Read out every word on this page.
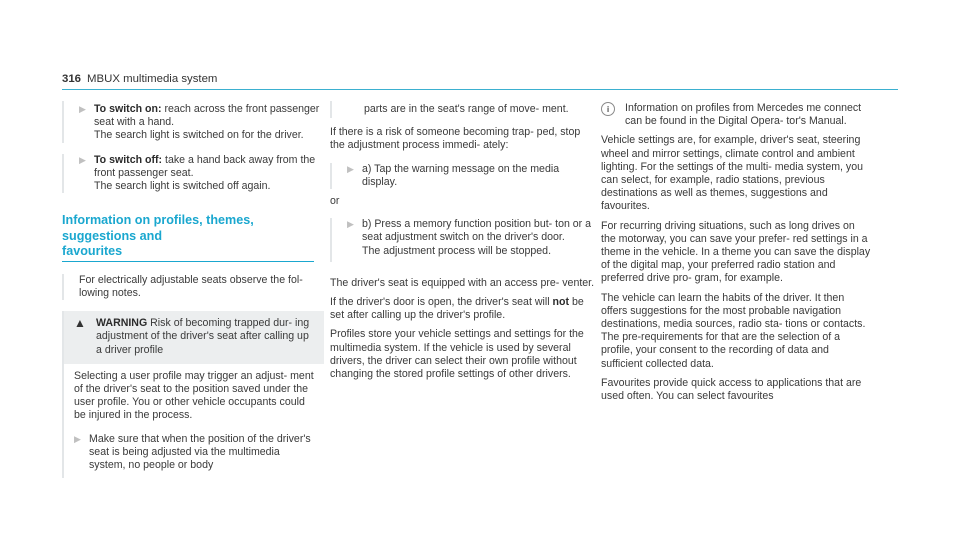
316 MBUX multimedia system
▶ To switch on: reach across the front passenger seat with a hand.

The search light is switched on for the driver.

▶ To switch off: take a hand back away from the front passenger seat.

The search light is switched off again.

Information on profiles, themes, suggestions and

favourites

For electrically adjustable seats observe the fol‐ lowing notes.

▲ WARNING Risk of becoming trapped dur‐ ing adjustment of the driver's seat after calling up a driver profile

Selecting a user profile may trigger an adjust‐ ment of the driver's seat to the position saved under the user profile. You or other vehicle occupants could be injured in the process.

▶ Make sure that when the position of the driver's seat is being adjusted via the multimedia system, no people or body

parts are in the seat's range of move‐ ment.

If there is a risk of someone becoming trap‐ ped, stop the adjustment process immedi‐ ately:

▶ a) Tap the warning message on the media display.

or

▶ b) Press a memory function position but‐ ton or a seat adjustment switch on the driver's door.

The adjustment process will be stopped.

The driver's seat is equipped with an access pre‐ venter.

If the driver's door is open, the driver's seat will not be set after calling up the driver's profile.

Profiles store your vehicle settings and settings for the multimedia system. If the vehicle is used by several drivers, the driver can select their own profile without changing the stored profile settings of other drivers.

i	Information on profiles from Mercedes me connect can be found in the Digital Opera‐ tor's Manual.

Vehicle settings are, for example, driver's seat, steering wheel and mirror settings, climate control and ambient lighting. For the settings of the multi‐ media system, you can select, for example, radio stations, previous destinations as well as themes, suggestions and favourites.

For recurring driving situations, such as long drives on the motorway, you can save your prefer‐ red settings in a theme in the vehicle. In a theme you can save the display of the digital map, your preferred radio station and preferred drive pro‐ gram, for example.

The vehicle can learn the habits of the driver. It then offers suggestions for the most probable navigation destinations, media sources, radio sta‐ tions or contacts. The pre-requirements for that are the selection of a profile, your consent to the recording of data and sufficient collected data.

Favourites provide quick access to applications that are used often. You can select favourites
